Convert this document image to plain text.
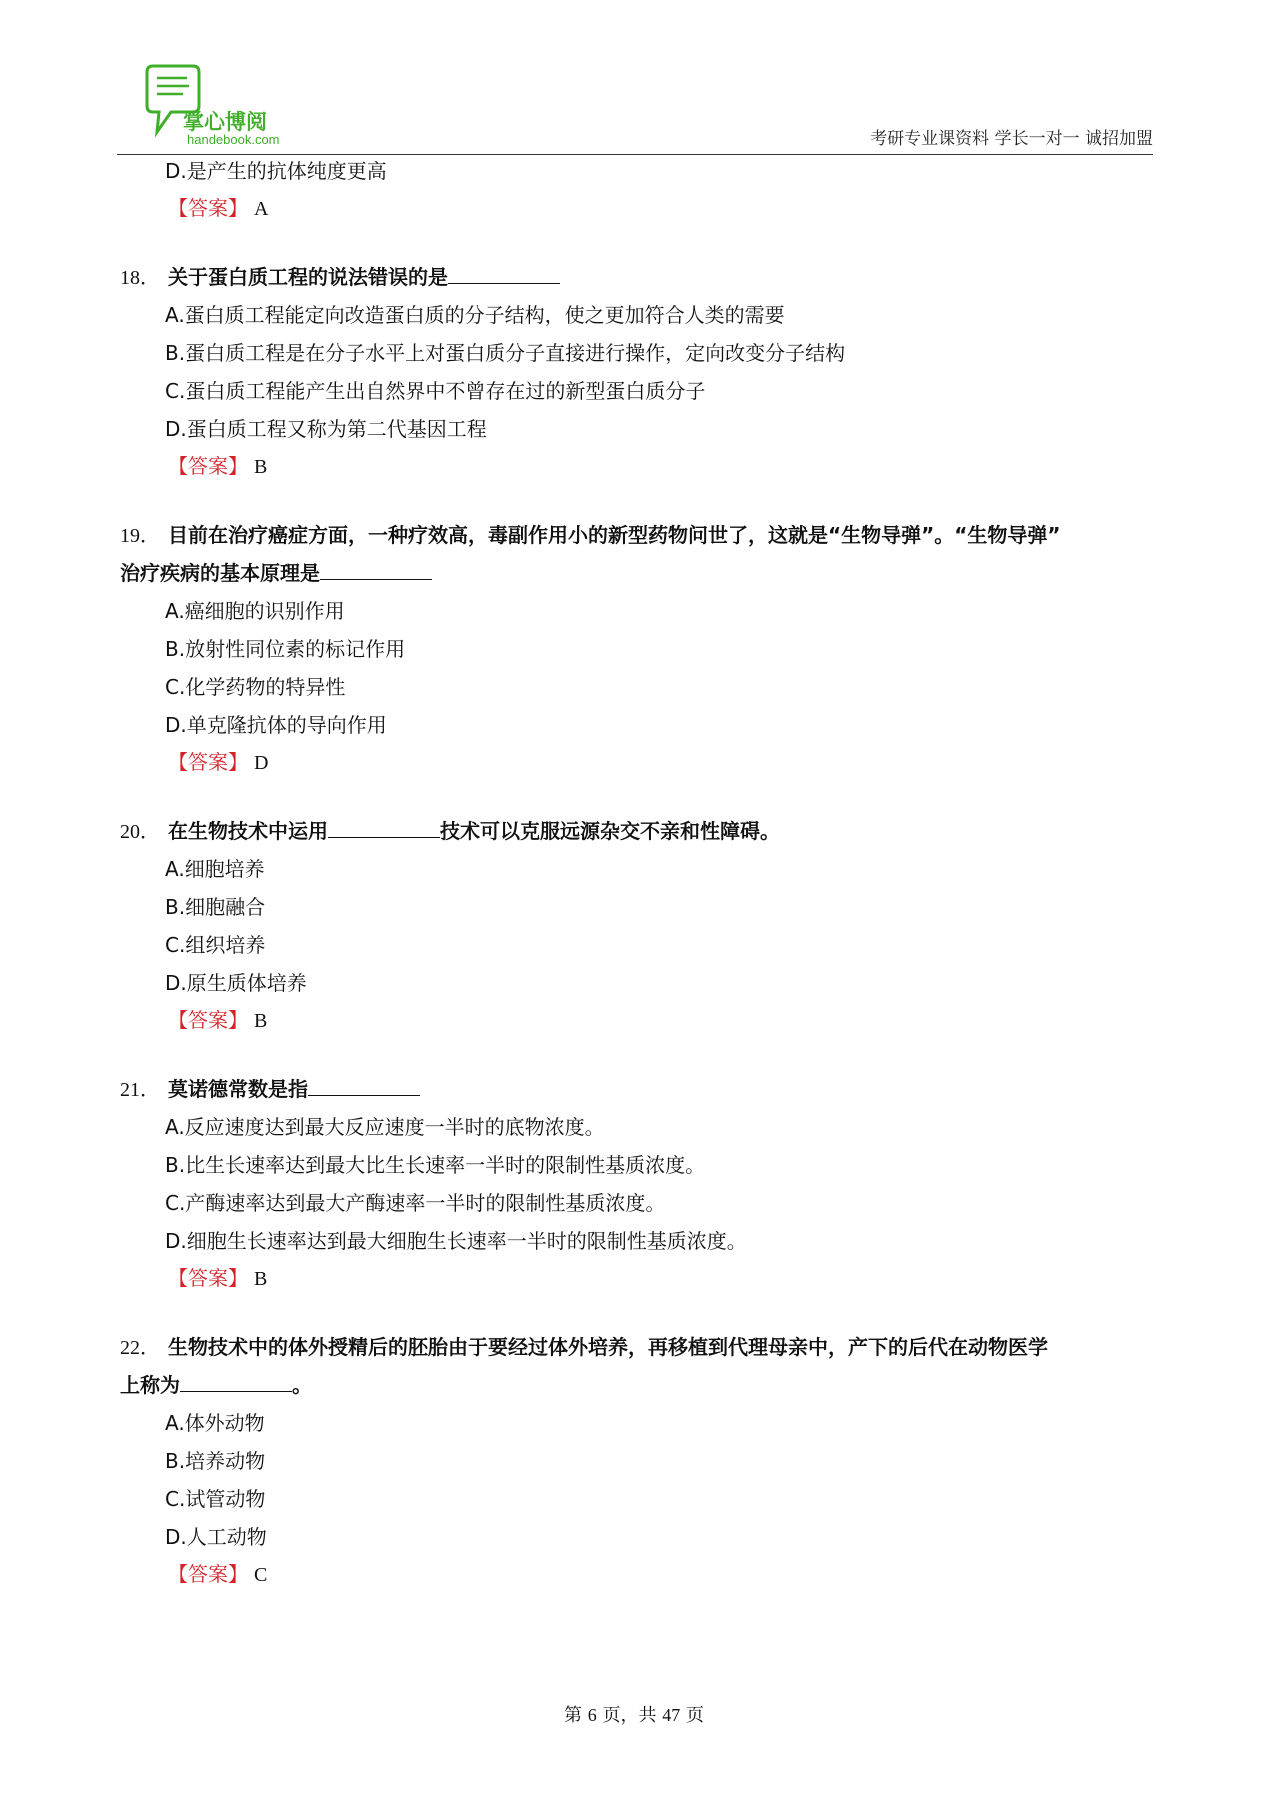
掌心博阅
handebook.com	考研专业课资料 学长一对一 诚招加盟
D.是产生的抗体纯度更高
【答案】 A
18． 关于蛋白质工程的说法错误的是
A.蛋白质工程能定向改造蛋白质的分子结构，使之更加符合人类的需要
B.蛋白质工程是在分子水平上对蛋白质分子直接进行操作，定向改变分子结构
C.蛋白质工程能产生出自然界中不曾存在过的新型蛋白质分子
D.蛋白质工程又称为第二代基因工程
【答案】 B
19． 目前在治疗癌症方面，一种疗效高，毒副作用小的新型药物问世了，这就是“生物导弹”。“生物导弹”
治疗疾病的基本原理是
A.癌细胞的识别作用
B.放射性同位素的标记作用
C.化学药物的特异性
D.单克隆抗体的导向作用
【答案】 D
20． 在生物技术中运用	技术可以克服远源杂交不亲和性障碍。
A.细胞培养
B.细胞融合
C.组织培养
D.原生质体培养
【答案】 B
21． 莫诺德常数是指
A.反应速度达到最大反应速度一半时的底物浓度。
B.比生长速率达到最大比生长速率一半时的限制性基质浓度。
C.产酶速率达到最大产酶速率一半时的限制性基质浓度。
D.细胞生长速率达到最大细胞生长速率一半时的限制性基质浓度。
【答案】 B
22． 生物技术中的体外授精后的胚胎由于要经过体外培养，再移植到代理母亲中，产下的后代在动物医学
上称为	。
A.体外动物
B.培养动物
C.试管动物
D.人工动物
【答案】 C
第 6 页，共 47 页
